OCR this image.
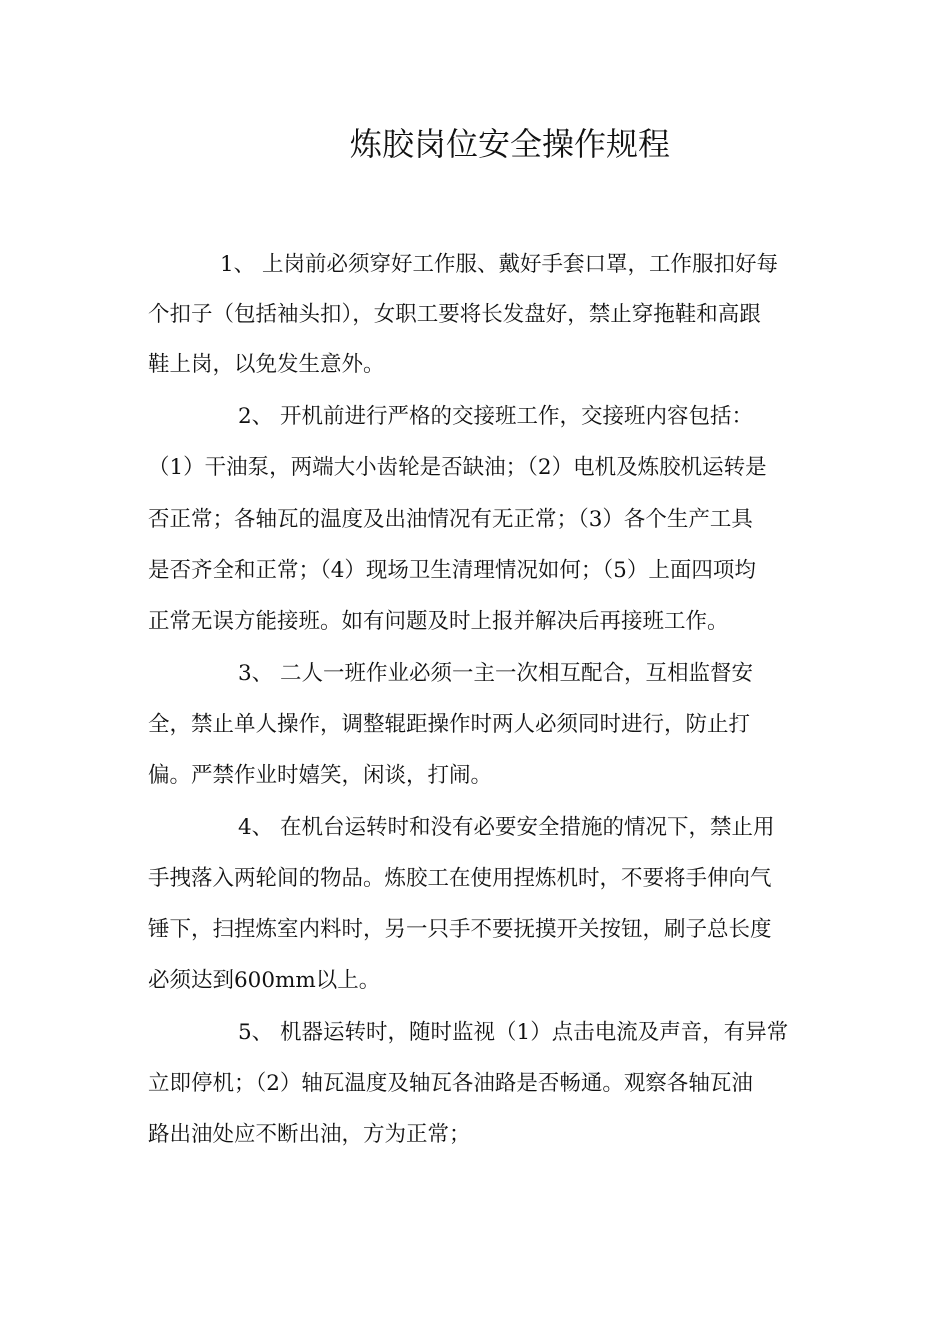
炼胶岗位安全操作规程
1、 上岗前必须穿好工作服、戴好手套口罩，工作服扣好每
个扣子（包括袖头扣），女职工要将长发盘好，禁止穿拖鞋和高跟
鞋上岗，以免发生意外。
2、 开机前进行严格的交接班工作，交接班内容包括：
（1）干油泵，两端大小齿轮是否缺油；（2）电机及炼胶机运转是
否正常；各轴瓦的温度及出油情况有无正常；（3）各个生产工具
是否齐全和正常；（4）现场卫生清理情况如何；（5）上面四项均
正常无误方能接班。如有问题及时上报并解决后再接班工作。
3、 二人一班作业必须一主一次相互配合，互相监督安
全，禁止单人操作，调整辊距操作时两人必须同时进行，防止打
偏。严禁作业时嬉笑，闲谈，打闹。
4、 在机台运转时和没有必要安全措施的情况下，禁止用
手拽落入两轮间的物品。炼胶工在使用捏炼机时，不要将手伸向气
锤下，扫捏炼室内料时，另一只手不要抚摸开关按钮，刷子总长度
必须达到600mm以上。
5、 机器运转时，随时监视（1）点击电流及声音，有异常
立即停机；（2）轴瓦温度及轴瓦各油路是否畅通。观察各轴瓦油
路出油处应不断出油，方为正常；
